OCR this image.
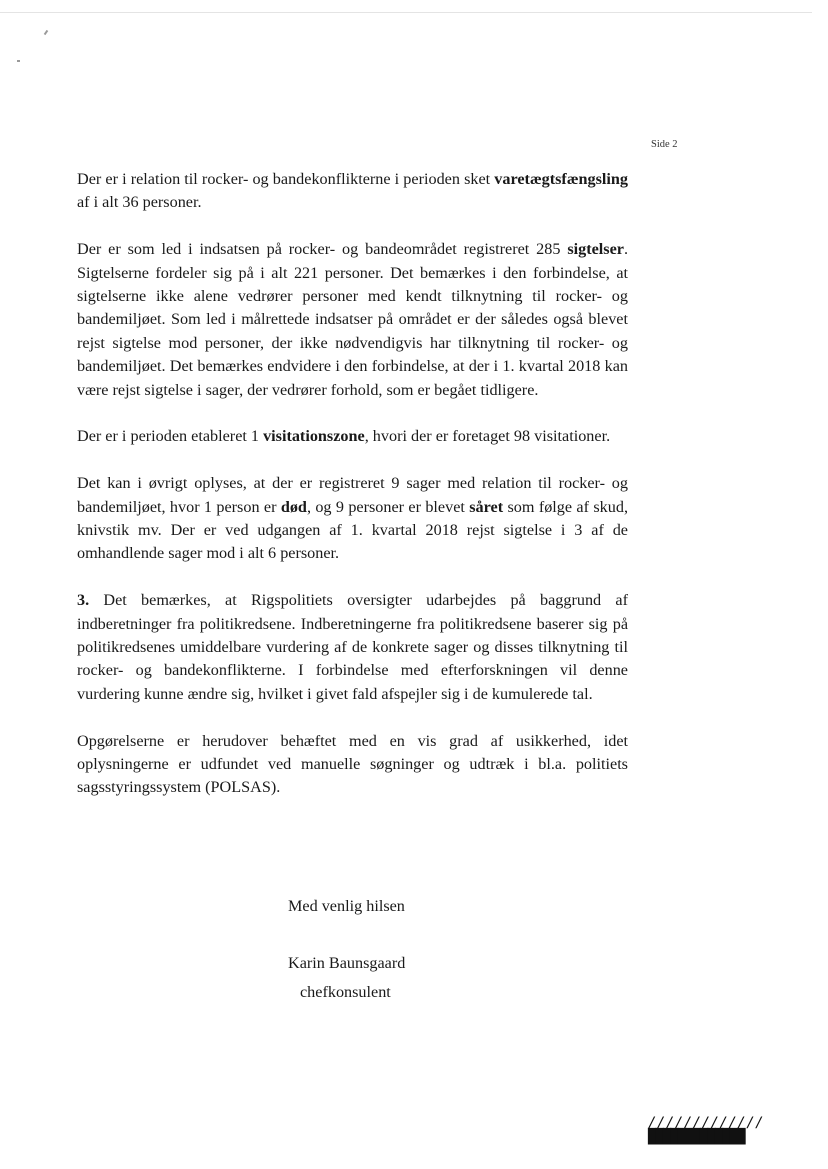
Side 2

Der er i relation til rocker- og bandekonflikterne i perioden sket varetægtsfængsling af i alt 36 personer.

Der er som led i indsatsen på rocker- og bandeområdet registreret 285 sigtelser. Sigtelserne fordeler sig på i alt 221 personer. Det bemærkes i den forbindelse, at sigtelserne ikke alene vedrører personer med kendt tilknytning til rocker- og bandemiljøet. Som led i målrettede indsatser på området er der således også blevet rejst sigtelse mod personer, der ikke nødvendigvis har tilknytning til rocker- og bandemiljøet. Det bemærkes endvidere i den forbindelse, at der i 1. kvartal 2018 kan være rejst sigtelse i sager, der vedrører forhold, som er begået tidligere.

Der er i perioden etableret 1 visitationszone, hvori der er foretaget 98 visitationer.

Det kan i øvrigt oplyses, at der er registreret 9 sager med relation til rocker- og bandemiljøet, hvor 1 person er død, og 9 personer er blevet såret som følge af skud, knivstik mv. Der er ved udgangen af 1. kvartal 2018 rejst sigtelse i 3 af de omhandlende sager mod i alt 6 personer.

3. Det bemærkes, at Rigspolitiets oversigter udarbejdes på baggrund af indberetninger fra politikredsene. Indberetningerne fra politikredsene baserer sig på politikredsenes umiddelbare vurdering af de konkrete sager og disses tilknytning til rocker- og bandekonflikterne. I forbindelse med efterforskningen vil denne vurdering kunne ændre sig, hvilket i givet fald afspejler sig i de kumulerede tal.

Opgørelserne er herudover behæftet med en vis grad af usikkerhed, idet oplysningerne er udfundet ved manuelle søgninger og udtræk i bl.a. politiets sagsstyringssystem (POLSAS).

Med venlig hilsen

Karin Baunsgaard

chefkonsulent

/////////////
█████████████
